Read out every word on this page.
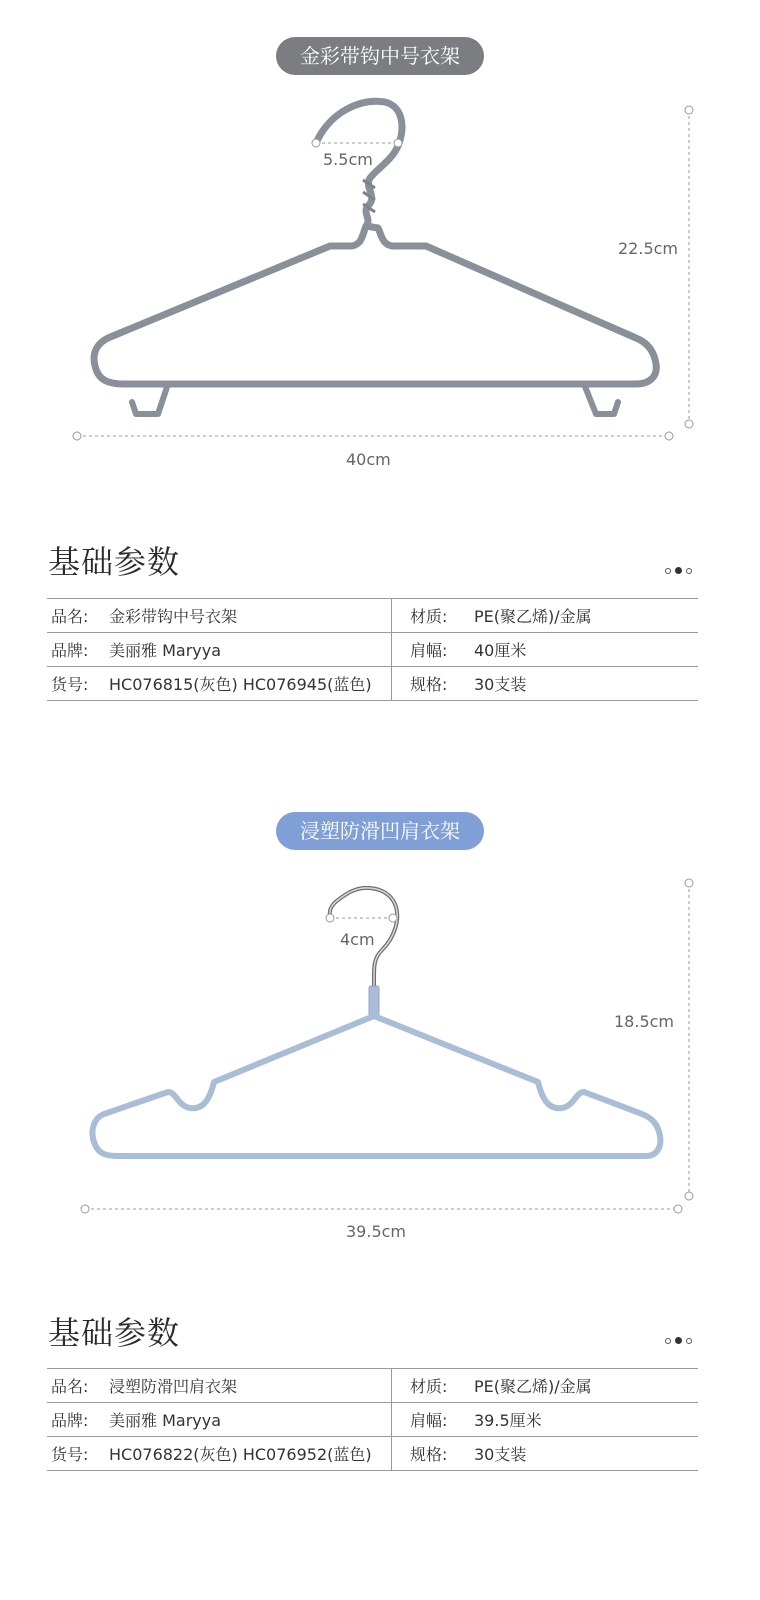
金彩带钩中号衣架
5.5cm
22.5cm
40cm
基础参数
品名:	金彩带钩中号衣架	材质:	PE(聚乙烯)/金属
品牌:	美丽雅 Maryya	肩幅:	40厘米
货号:	HC076815(灰色) HC076945(蓝色) 规格:	30支装
浸塑防滑凹肩衣架
4cm
18.5cm
39.5cm
基础参数
品名:	浸塑防滑凹肩衣架	材质:	PE(聚乙烯)/金属
品牌:	美丽雅 Maryya	肩幅:	39.5厘米
货号:	HC076822(灰色) HC076952(蓝色) 规格:	30支装
